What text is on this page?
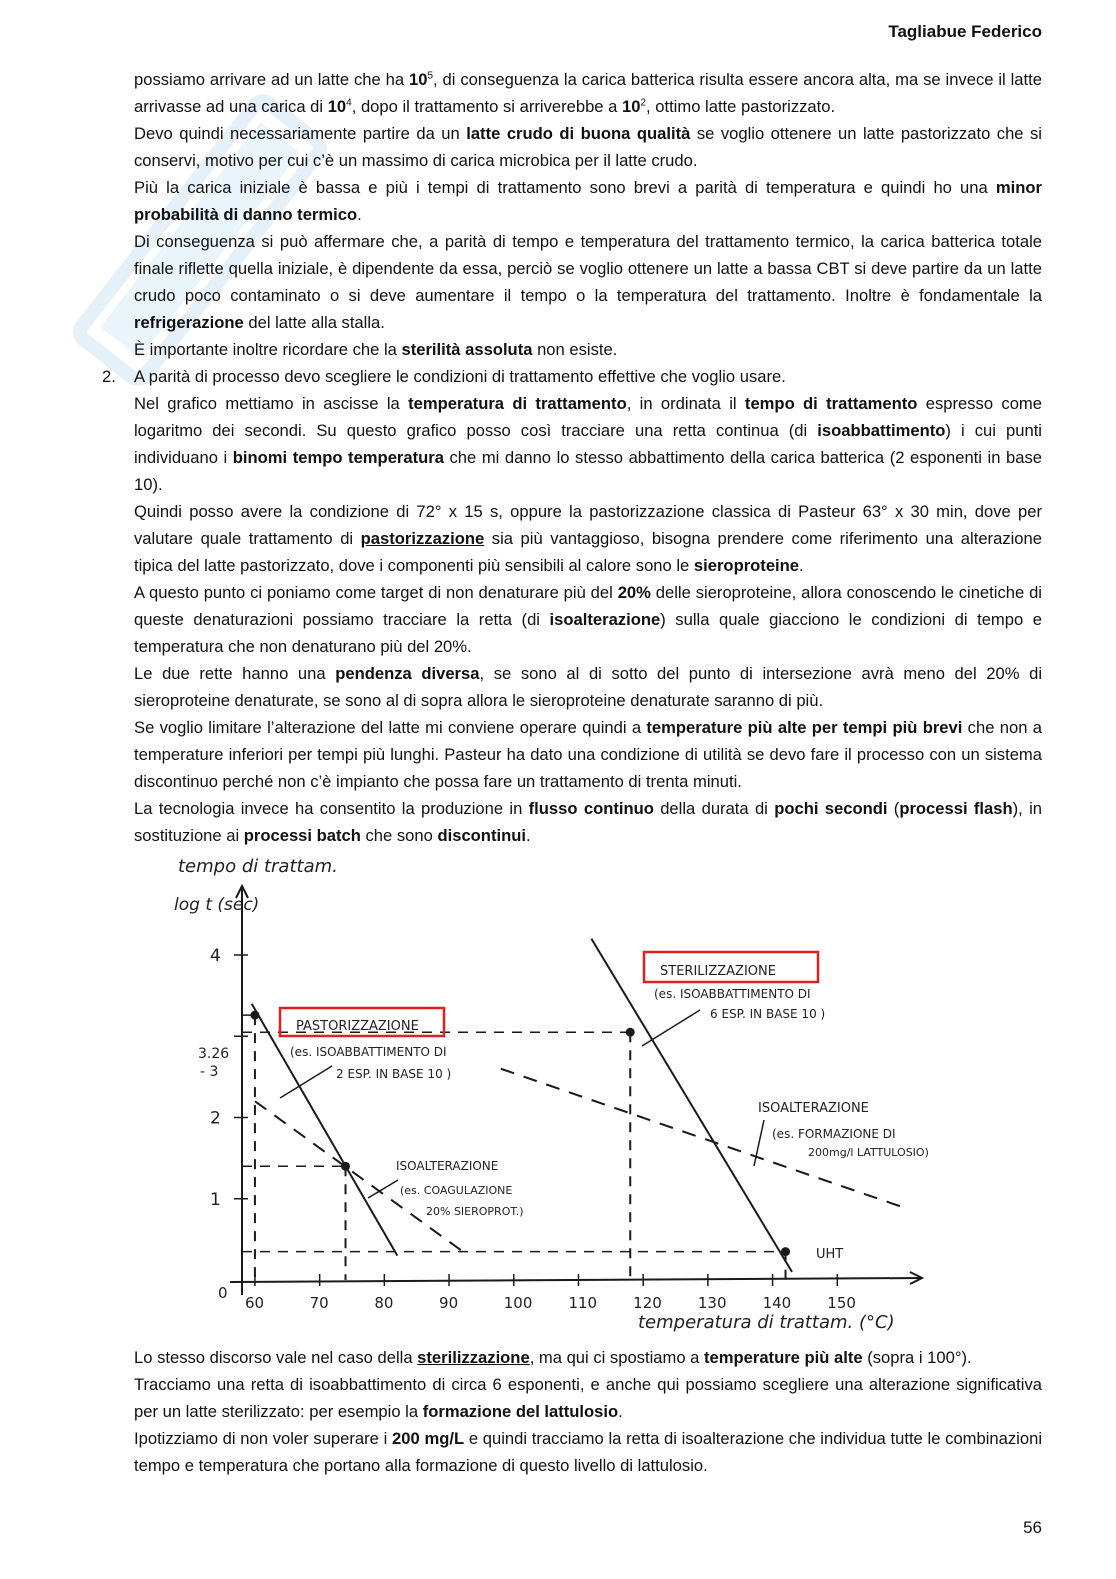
Tagliabue Federico

possiamo arrivare ad un latte che ha $10^5$, di conseguenza la carica batterica risulta essere ancora alta, ma se invece il latte arrivasse ad una carica di $10^4$, dopo il trattamento si arriverebbe a $10^2$, ottimo latte pastorizzato.

Devo quindi necessariamente partire da un latte crudo di buona qualità se voglio ottenere un latte pastorizzato che si conservi, motivo per cui c’è un massimo di carica microbica per il latte crudo.

Più la carica iniziale è bassa e più i tempi di trattamento sono brevi a parità di temperatura e quindi ho una minor probabilità di danno termico.

Di conseguenza si può affermare che, a parità di tempo e temperatura del trattamento termico, la carica batterica totale finale riflette quella iniziale, è dipendente da essa, perciò se voglio ottenere un latte a bassa CBT si deve partire da un latte crudo poco contaminato o si deve aumentare il tempo o la temperatura del trattamento. Inoltre è fondamentale la refrigerazione del latte alla stalla.

È importante inoltre ricordare che la sterilità assoluta non esiste.

2. A parità di processo devo scegliere le condizioni di trattamento effettive che voglio usare.

Nel grafico mettiamo in ascisse la temperatura di trattamento, in ordinata il tempo di trattamento espresso come logaritmo dei secondi. Su questo grafico posso così tracciare una retta continua (di isoabbattimento) i cui punti individuano i binomi tempo temperatura che mi danno lo stesso abbattimento della carica batterica (2 esponenti in base 10).

Quindi posso avere la condizione di 72° x 15 s, oppure la pastorizzazione classica di Pasteur 63° x 30 min, dove per valutare quale trattamento di pastorizzazione sia più vantaggioso, bisogna prendere come riferimento una alterazione tipica del latte pastorizzato, dove i componenti più sensibili al calore sono le sieroproteine.

A questo punto ci poniamo come target di non denaturare più del 20% delle sieroproteine, allora conoscendo le cinetiche di queste denaturazioni possiamo tracciare la retta (di isoalterazione) sulla quale giacciono le condizioni di tempo e temperatura che non denaturano più del 20%.

Le due rette hanno una pendenza diversa, se sono al di sotto del punto di intersezione avrà meno del 20% di sieroproteine denaturate, se sono al di sopra allora le sieroproteine denaturate saranno di più.

Se voglio limitare l’alterazione del latte mi conviene operare quindi a temperature più alte per tempi più brevi che non a temperature inferiori per tempi più lunghi. Pasteur ha dato una condizione di utilità se devo fare il processo con un sistema discontinuo perché non c’è impianto che possa fare un trattamento di trenta minuti.

La tecnologia invece ha consentito la produzione in flusso continuo della durata di pochi secondi (processi flash), in sostituzione ai processi batch che sono discontinui.

tempo di trattam.
log t (sec)
temperatura di trattam. (°C)
60	70	80	90	100 110 120 130 140 150
1
2
4
0
3.26
- 3
PASTORIZZAZIONE
(es. ISOABBATTIMENTO DI
2 ESP. IN BASE 10 )
ISOALTERAZIONE
(es. COAGULAZIONE
20% SIEROPROT.)
STERILIZZAZIONE
(es. ISOABBATTIMENTO DI
6 ESP. IN BASE 10 )
ISOALTERAZIONE
(es. FORMAZIONE DI
200mg/l LATTULOSIO)
UHT

Lo stesso discorso vale nel caso della sterilizzazione, ma qui ci spostiamo a temperature più alte (sopra i 100°).

Tracciamo una retta di isoabbattimento di circa 6 esponenti, e anche qui possiamo scegliere una alterazione significativa per un latte sterilizzato: per esempio la formazione del lattulosio.

Ipotizziamo di non voler superare i 200 mg/L e quindi tracciamo la retta di isoalterazione che individua tutte le combinazioni tempo e temperatura che portano alla formazione di questo livello di lattulosio.

56
